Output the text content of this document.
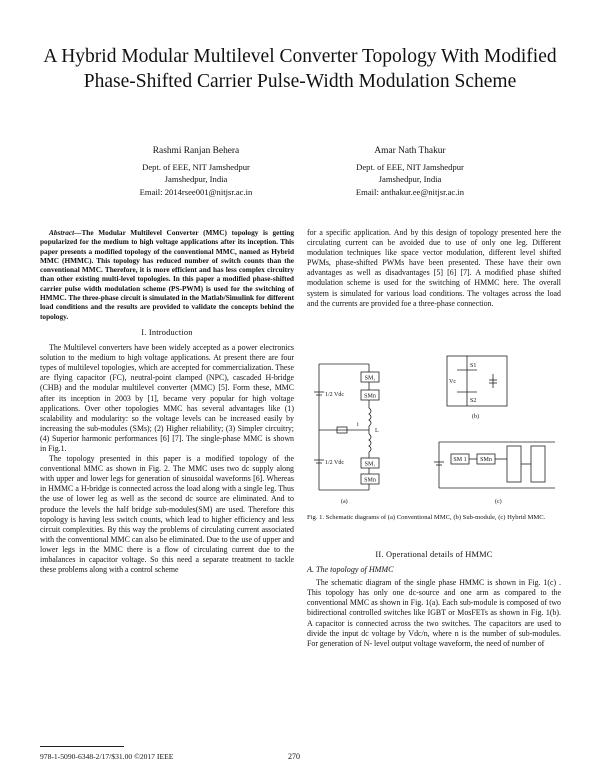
A Hybrid Modular Multilevel Converter Topology With Modified Phase-Shifted Carrier Pulse-Width Modulation Scheme
Rashmi Ranjan Behera
Dept. of EEE, NIT Jamshedpur
Jamshedpur, India
Email: 2014rsee001@nitjsr.ac.in
Amar Nath Thakur
Dept. of EEE, NIT Jamshedpur
Jamshedpur, India
Email: anthakur.ee@nitjsr.ac.in

Abstract—The Modular Multilevel Converter (MMC) topology is getting popularized for the medium to high voltage applications after its inception. This paper presents a modified topology of the conventional MMC, named as Hybrid MMC (HMMC). This topology has reduced number of switch counts than the conventional MMC. Therefore, it is more efficient and has less complex circuitry than other existing multi-level topologies. In this paper a modified phase-shifted carrier pulse width modulation scheme (PS-PWM) is used for the switching of HMMC. The three-phase circuit is simulated in the Matlab/Simulink for different load conditions and the results are provided to validate the concepts behind the topology.

I. Introduction

The Multilevel converters have been widely accepted as a power electronics solution to the medium to high voltage applications. At present there are four types of multilevel topologies, which are accepted for commercialization. These are flying capacitor (FC), neutral-point clamped (NPC), cascaded H-bridge (CHB) and the modular multilevel converter (MMC) [5]. Form these, MMC after its inception in 2003 by [1], became very popular for high voltage applications. Over other topologies MMC has several advantages like (1) scalability and modularity: so the voltage levels can be increased easily by increasing the sub-modules (SMs); (2) Higher reliability; (3) Simpler circuitry; (4) Superior harmonic performances [6] [7]. The single-phase MMC is shown in Fig.1.

The topology presented in this paper is a modified topology of the conventional MMC as shown in Fig. 2. The MMC uses two dc supply along with upper and lower legs for generation of sinusoidal waveforms [6]. Whereas in HMMC a H-bridge is connected across the load along with a single leg. Thus the use of lower leg as well as the second dc source are eliminated. And to produce the levels the half bridge sub-modules(SM) are used. Therefore this topology is having less switch counts, which lead to higher efficiency and less circuit complexities. By this way the problems of circulating current associated with the conventional MMC can also be eliminated. Due to the use of upper and lower legs in the MMC there is a flow of circulating current due to the imbalances in capacitor voltage. So this need a separate treatment to tackle these problems along with a control scheme

for a specific application. And by this design of topology presented here the circulating current can be avoided due to use of only one leg. Different modulation techniques like space vector modulation, different level shifted PWMs, phase-shifted PWMs have been presented. These have their own advantages as well as disadvantages [5] [6] [7]. A modified phase shifted modulation scheme is used for the switching of HMMC here. The overall system is simulated for various load conditions. The voltages across the load and the currents are provided foe a three-phase connection.

SM₁
SMn
SM₁
SMn
1/2 Vdc
1/2 Vdc
i
L
(a)
(b)
(c)
Vc
S1
S2
SM 1 SMn
Fig. 1. Schematic diagrams of (a) Conventional MMC, (b) Sub-module, (c) Hybrid MMC.
II. Operational details of HMMC
A. The topology of HMMC

The schematic diagram of the single phase HMMC is shown in Fig. 1(c) . This topology has only one dc-source and one arm as compared to the conventional MMC as shown in Fig. 1(a). Each sub-module is composed of two bidirectional controlled switches like IGBT or MosFETs as shown in Fig. 1(b). A capacitor is connected across the two switches. The capacitors are used to divide the input dc voltage by Vdc/n, where n is the number of sub-modules. For generation of N- level output voltage waveform, the need of number of

978-1-5090-6348-2/17/$31.00 ©2017 IEEE	270
